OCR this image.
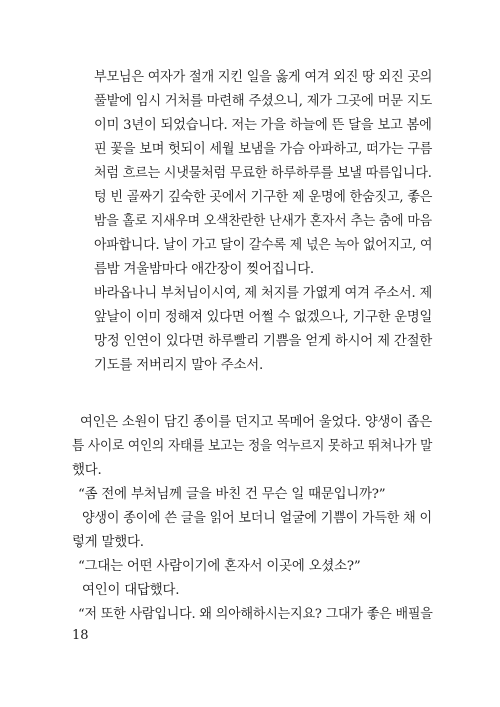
부모님은 여자가 절개 지킨 일을 옳게 여겨 외진 땅 외진 곳의
풀밭에 임시 거처를 마련해 주셨으니, 제가 그곳에 머문 지도
이미 3년이 되었습니다. 저는 가을 하늘에 뜬 달을 보고 봄에
핀 꽃을 보며 헛되이 세월 보냄을 가슴 아파하고, 떠가는 구름
처럼 흐르는 시냇물처럼 무료한 하루하루를 보낼 따름입니다.
텅 빈 골짜기 깊숙한 곳에서 기구한 제 운명에 한숨짓고, 좋은
밤을 홀로 지새우며 오색찬란한 난새가 혼자서 추는 춤에 마음
아파합니다. 날이 가고 달이 갈수록 제 넋은 녹아 없어지고, 여
름밤 겨울밤마다 애간장이 찢어집니다.
바라옵나니 부처님이시여, 제 처지를 가엾게 여겨 주소서. 제
앞날이 이미 정해져 있다면 어쩔 수 없겠으나, 기구한 운명일
망정 인연이 있다면 하루빨리 기쁨을 얻게 하시어 제 간절한
기도를 저버리지 말아 주소서.
여인은 소원이 담긴 종이를 던지고 목메어 울었다. 양생이 좁은
틈 사이로 여인의 자태를 보고는 정을 억누르지 못하고 뛰쳐나가 말
했다.
“좀 전에 부처님께 글을 바친 건 무슨 일 때문입니까?”
양생이 종이에 쓴 글을 읽어 보더니 얼굴에 기쁨이 가득한 채 이
렇게 말했다.
“그대는 어떤 사람이기에 혼자서 이곳에 오셨소?”
여인이 대답했다.
“저 또한 사람입니다. 왜 의아해하시는지요? 그대가 좋은 배필을
18
